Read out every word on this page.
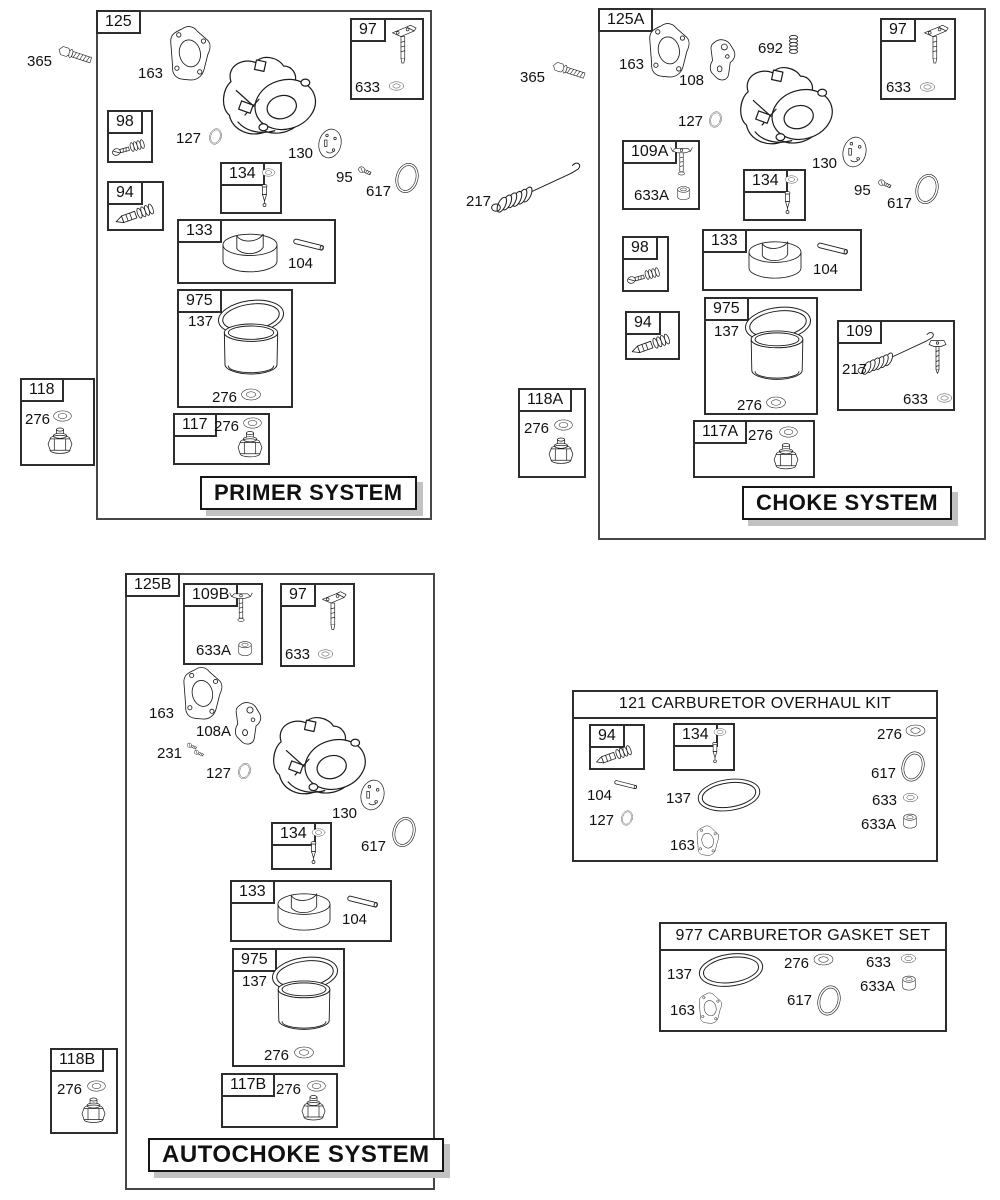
125
365
163
97
633
98
94
127
130
95
617
134
133
104
975
137
276
117 276
118
276
PRIMER SYSTEM
125A
365
217
163
108
692
97
633
127
109A
633A
130
134
95
617
98	133
104
94
975
137
276
109
217
633
118A
276	117A 276
CHOKE SYSTEM
125B
109B
633A
97
633
163
108A
231
127
130
134
617
133
104
975
137
276
117B 276
118B
276
AUTOCHOKE SYSTEM
121 CARBURETOR OVERHAUL KIT
94	134
104
127
137
163
276
617
633
633A
977 CARBURETOR GASKET SET
137
163
276
617
633
633A
